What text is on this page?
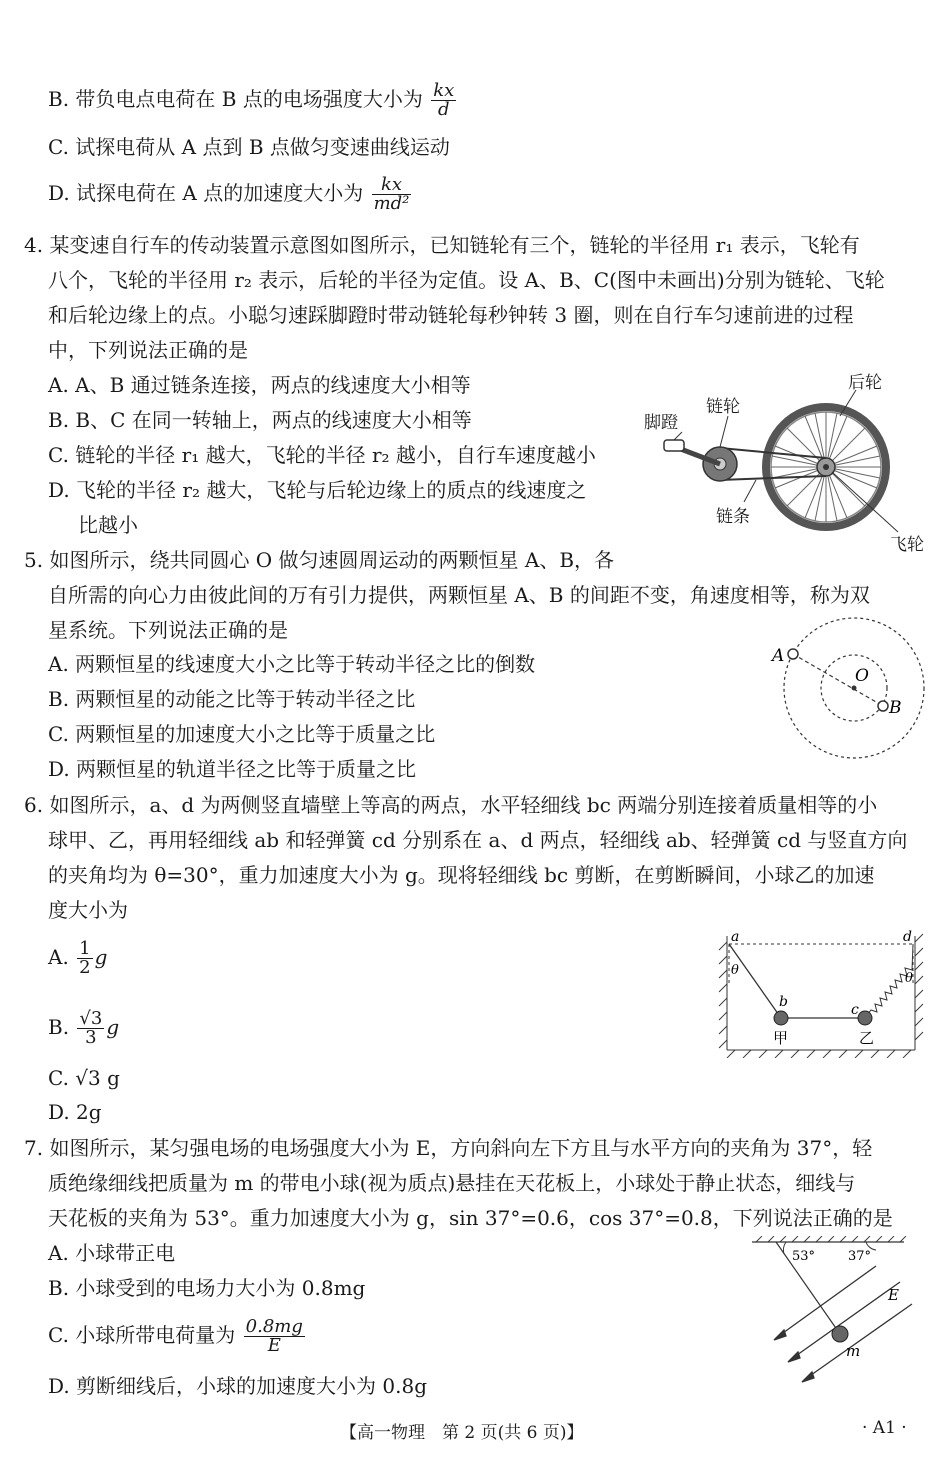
B. 带负电点电荷在 B 点的电场强度大小为 $\frac{kx}{d}$
C. 试探电荷从 A 点到 B 点做匀变速曲线运动
D. 试探电荷在 A 点的加速度大小为 $\frac{kx}{\text{md²}}$
4. 某变速自行车的传动装置示意图如图所示，已知链轮有三个，链轮的半径用 r₁ 表示，飞轮有
八个，飞轮的半径用 r₂ 表示，后轮的半径为定值。设 A、B、C(图中未画出)分别为链轮、飞轮
和后轮边缘上的点。小聪匀速踩脚蹬时带动链轮每秒钟转 3 圈，则在自行车匀速前进的过程
中，下列说法正确的是
A. A、B 通过链条连接，两点的线速度大小相等
B. B、C 在同一转轴上，两点的线速度大小相等
C. 链轮的半径 r₁ 越大，飞轮的半径 r₂ 越小，自行车速度越小
D. 飞轮的半径 r₂ 越大，飞轮与后轮边缘上的质点的线速度之
比越小
后轮
链轮
脚蹬
链条
飞轮
5. 如图所示，绕共同圆心 O 做匀速圆周运动的两颗恒星 A、B，各
自所需的向心力由彼此间的万有引力提供，两颗恒星 A、B 的间距不变，角速度相等，称为双
星系统。下列说法正确的是
A. 两颗恒星的线速度大小之比等于转动半径之比的倒数
B. 两颗恒星的动能之比等于转动半径之比
C. 两颗恒星的加速度大小之比等于质量之比
D. 两颗恒星的轨道半径之比等于质量之比
A
O
B
6. 如图所示，a、d 为两侧竖直墙壁上等高的两点，水平轻细线 bc 两端分别连接着质量相等的小
球甲、乙，再用轻细线 ab 和轻弹簧 cd 分别系在 a、d 两点，轻细线 ab、轻弹簧 cd 与竖直方向
的夹角均为 θ=30°，重力加速度大小为 g。现将轻细线 bc 剪断，在剪断瞬间，小球乙的加速
度大小为
A. $\frac{1}{2}$ g
B. $\frac{√3}{3}$ g
C. √3 g
D. 2g
a	d
θ
θ
b	c
甲	乙
7. 如图所示，某匀强电场的电场强度大小为 E，方向斜向左下方且与水平方向的夹角为 37°，轻
质绝缘细线把质量为 m 的带电小球(视为质点)悬挂在天花板上，小球处于静止状态，细线与
天花板的夹角为 53°。重力加速度大小为 g，sin 37°=0.6，cos 37°=0.8，下列说法正确的是
A. 小球带正电
B. 小球受到的电场力大小为 0.8mg
C. 小球所带电荷量为 $\frac{0.8mg}{E}$
D. 剪断细线后，小球的加速度大小为 0.8g
53°	37°
E
m
【高一物理　第 2 页(共 6 页)】	· A1 ·
